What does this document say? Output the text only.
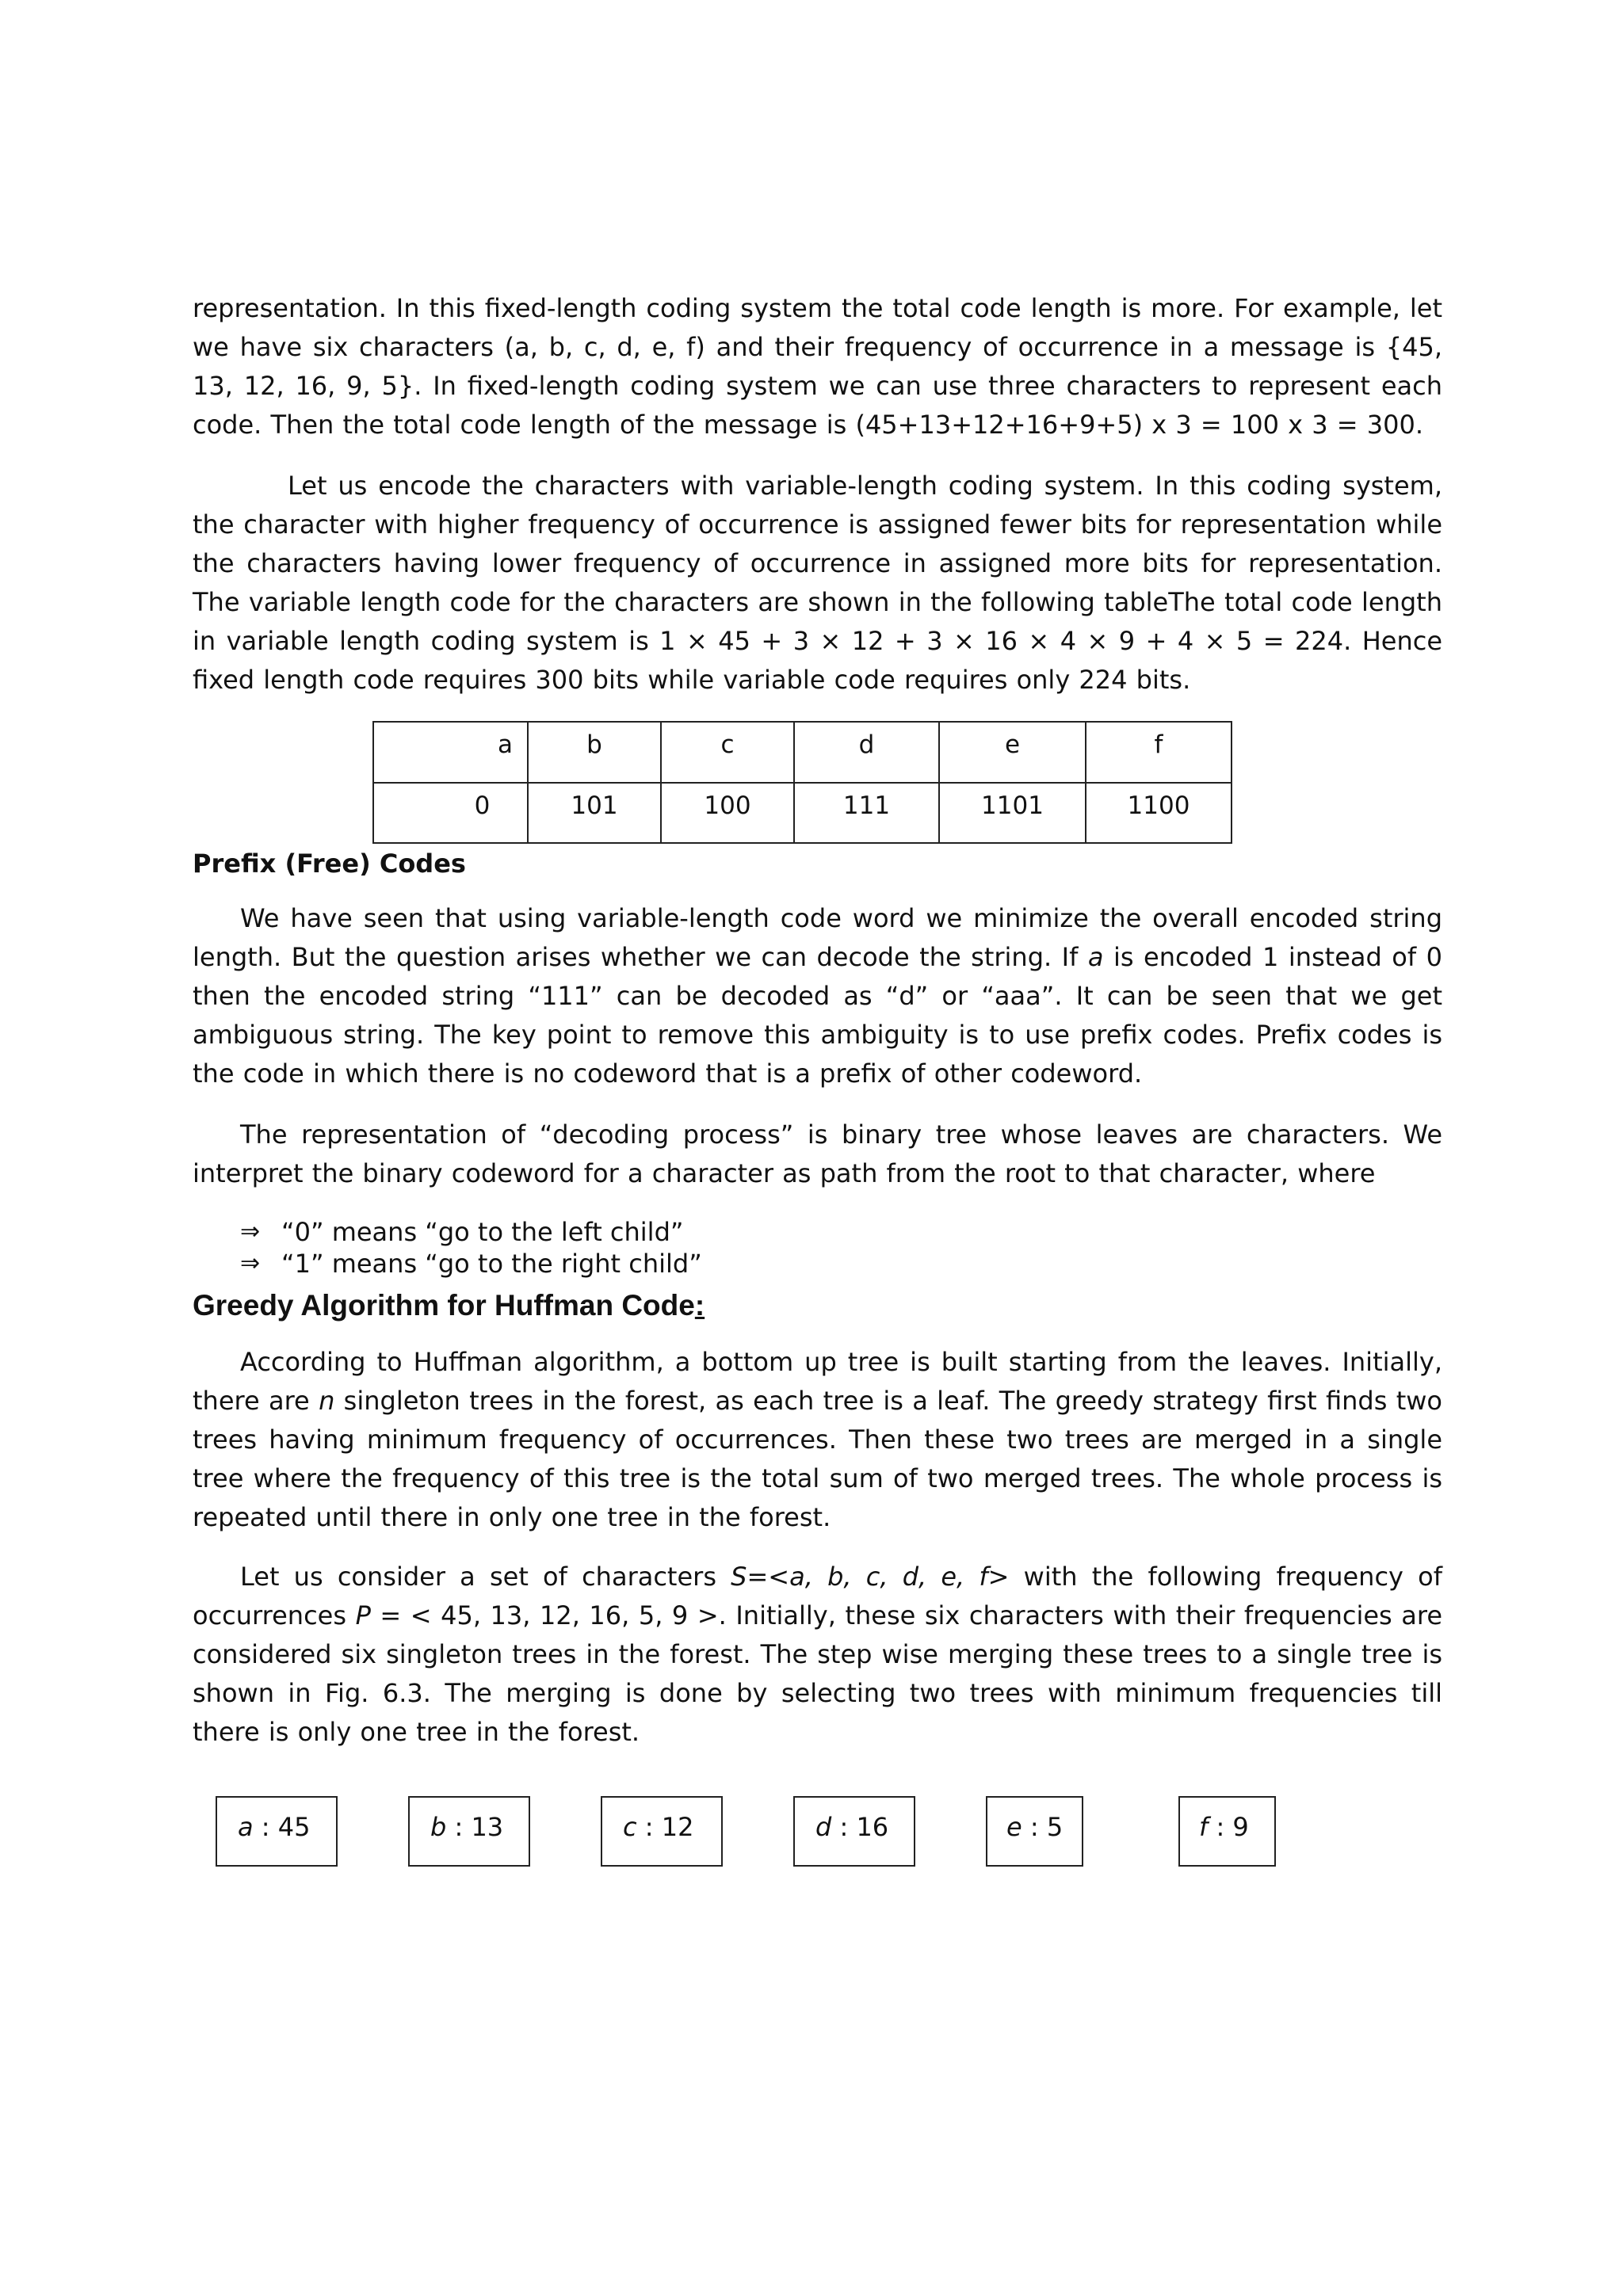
representation. In this fixed-length coding system the total code length is more. For example, let we have six characters (a, b, c, d, e, f) and their frequency of occurrence in a message is {45, 13, 12, 16, 9, 5}. In fixed-length coding system we can use three characters to represent each code. Then the total code length of the message is (45+13+12+16+9+5) x 3 = 100 x 3 = 300.

Let us encode the characters with variable-length coding system. In this coding system, the character with higher frequency of occurrence is assigned fewer bits for representation while the characters having lower frequency of occurrence in assigned more bits for representation. The variable length code for the characters are shown in the following tableThe total code length in variable length coding system is 1 × 45 + 3 × 12 + 3 × 16 × 4 × 9 + 4 × 5 = 224. Hence fixed length code requires 300 bits while variable code requires only 224 bits.

a	b	c	d	e	f

0	101	100	111	1101	1100
Prefix (Free) Codes

We have seen that using variable-length code word we minimize the overall encoded string length. But the question arises whether we can decode the string. If a is encoded 1 instead of 0 then the encoded string “111” can be decoded as “d” or “aaa”. It can be seen that we get ambiguous string. The key point to remove this ambiguity is to use prefix codes. Prefix codes is the code in which there is no codeword that is a prefix of other codeword.

The representation of “decoding process” is binary tree whose leaves are characters. We interpret the binary codeword for a character as path from the root to that character, where

⇒ “0” means “go to the left child”
⇒ “1” means “go to the right child”
Greedy Algorithm for Huffman Code:

According to Huffman algorithm, a bottom up tree is built starting from the leaves. Initially, there are n singleton trees in the forest, as each tree is a leaf. The greedy strategy first finds two trees having minimum frequency of occurrences. Then these two trees are merged in a single tree where the frequency of this tree is the total sum of two merged trees. The whole process is repeated until there in only one tree in the forest.

Let us consider a set of characters S=<a, b, c, d, e, f> with the following frequency of occurrences P = < 45, 13, 12, 16, 5, 9 >. Initially, these six characters with their frequencies are considered six singleton trees in the forest. The step wise merging these trees to a single tree is shown in Fig. 6.3. The merging is done by selecting two trees with minimum frequencies till there is only one tree in the forest.

a : 45	b : 13	c : 12	d : 16	e : 5	f : 9
